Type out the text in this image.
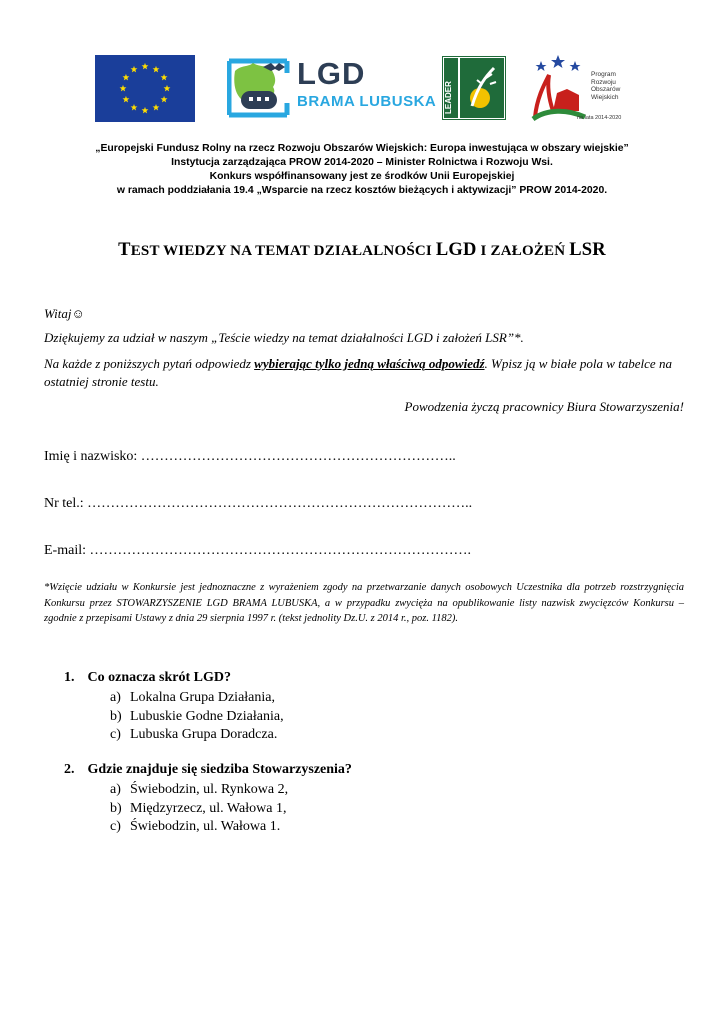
LGD
BRAMA LUBUSKA LEADER
Program
Rozwoju
Obszarów
Wiejskich
na lata 2014-2020
„Europejski Fundusz Rolny na rzecz Rozwoju Obszarów Wiejskich: Europa inwestująca w obszary wiejskie”
Instytucja zarządzająca PROW 2014-2020 – Minister Rolnictwa i Rozwoju Wsi.
Konkurs współfinansowany jest ze środków Unii Europejskiej
w ramach poddziałania 19.4 „Wsparcie na rzecz kosztów bieżących i aktywizacji” PROW 2014-2020.
TEST WIEDZY NA TEMAT DZIAŁALNOŚCI LGD I ZAŁOŻEŃ LSR
Witaj☺
Dziękujemy za udział w naszym „Teście wiedzy na temat działalności LGD i założeń LSR”*.
Na każde z poniższych pytań odpowiedz wybierając tylko jedną właściwą odpowiedź. Wpisz ją w białe pola w tabelce na ostatniej stronie testu.
Powodzenia życzą pracownicy Biura Stowarzyszenia!
Imię i nazwisko: …………………………………………………………..
Nr tel.: ………………………………………………………………………..
E-mail: ……………………………………………………………………….
*Wzięcie udziału w Konkursie jest jednoznaczne z wyrażeniem zgody na przetwarzanie danych osobowych Uczestnika dla potrzeb rozstrzygnięcia Konkursu przez STOWARZYSZENIE LGD BRAMA LUBUSKA, a w przypadku zwycięża na opublikowanie listy nazwisk zwycięzców Konkursu – zgodnie z przepisami Ustawy z dnia 29 sierpnia 1997 r. (tekst jednolity Dz.U. z 2014 r., poz. 1182).
1. Co oznacza skrót LGD?
a) Lokalna Grupa Działania,
b) Lubuskie Godne Działania,
c) Lubuska Grupa Doradcza.
2. Gdzie znajduje się siedziba Stowarzyszenia?
a) Świebodzin, ul. Rynkowa 2,
b) Międzyrzecz, ul. Wałowa 1,
c) Świebodzin, ul. Wałowa 1.
